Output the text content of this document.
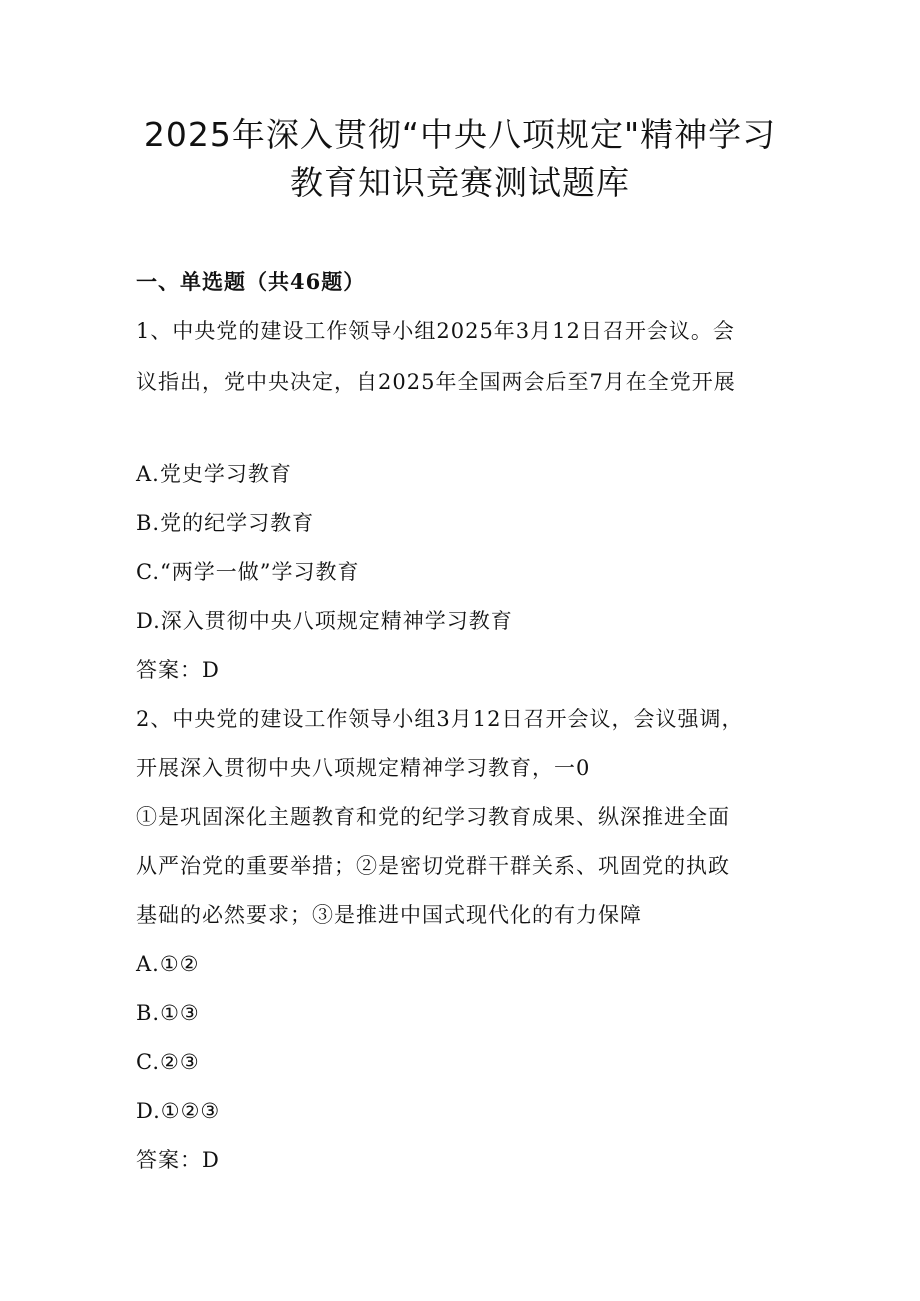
2025年深入贯彻“中央八项规定"精神学习
教育知识竞赛测试题库
一、单选题（共46题）
1、中央党的建设工作领导小组2025年3月12日召开会议。会
议指出，党中央决定，自2025年全国两会后至7月在全党开展
A.党史学习教育
B.党的纪学习教育
C.“两学一做”学习教育
D.深入贯彻中央八项规定精神学习教育
答案：D
2、中央党的建设工作领导小组3月12日召开会议，会议强调，
开展深入贯彻中央八项规定精神学习教育，一0
①是巩固深化主题教育和党的纪学习教育成果、纵深推进全面
从严治党的重要举措；②是密切党群干群关系、巩固党的执政
基础的必然要求；③是推进中国式现代化的有力保障
A.①②
B.①③
C.②③
D.①②③
答案：D
